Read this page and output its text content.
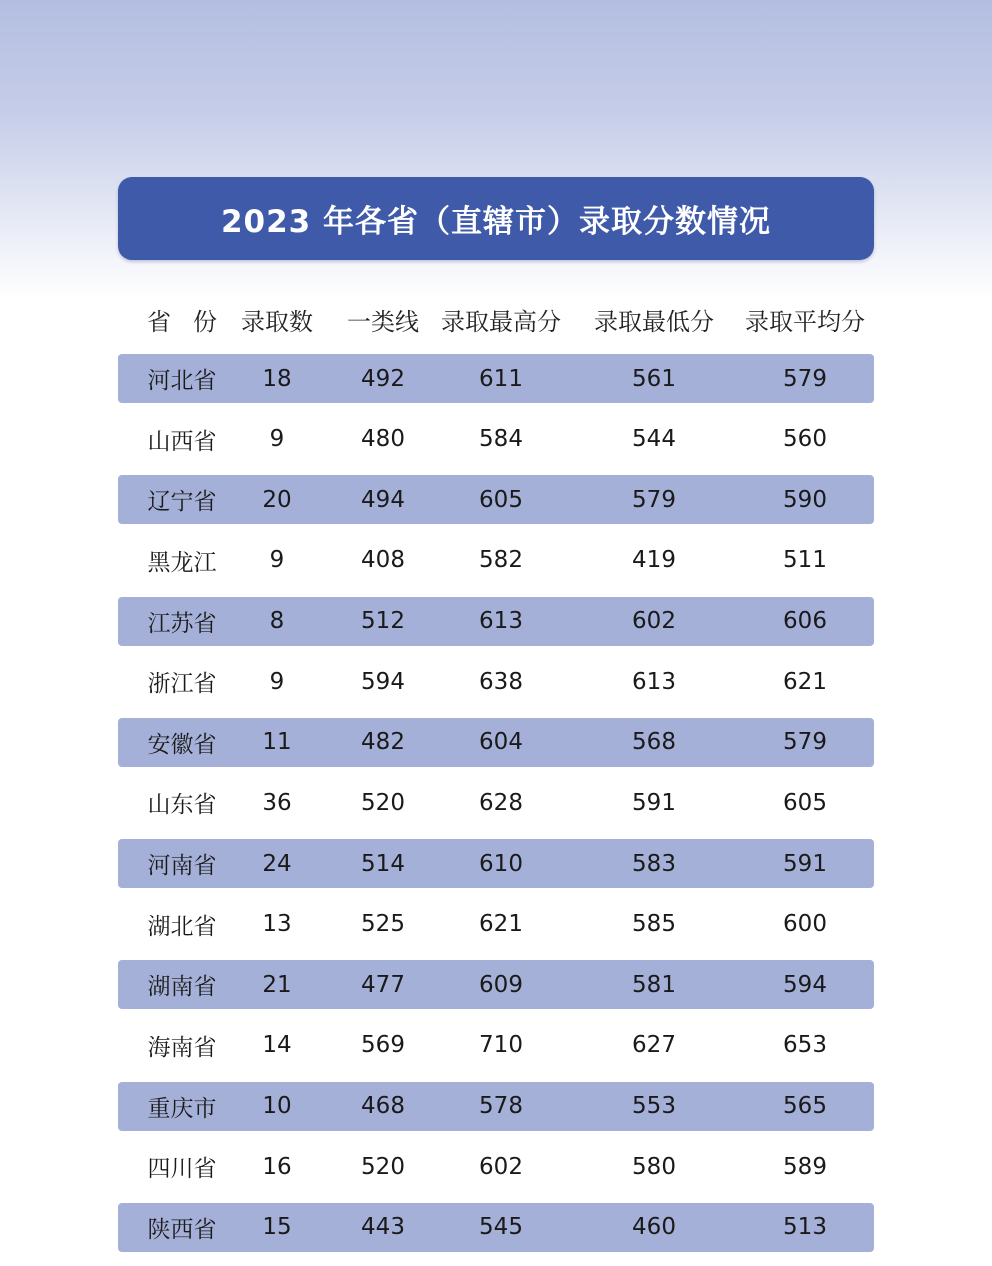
2023 年各省（直辖市）录取分数情况
省 份 录取数 一类线 录取最高分 录取最低分 录取平均分
河北省 18	492	611	561	579
山西省 9	480	584	544	560
辽宁省 20	494	605	579	590
黑龙江 9	408	582	419	511
江苏省 8	512	613	602	606
浙江省 9	594	638	613	621
安徽省 11	482	604	568	579
山东省 36	520	628	591	605
河南省 24	514	610	583	591
湖北省 13	525	621	585	600
湖南省 21	477	609	581	594
海南省 14	569	710	627	653
重庆市 10	468	578	553	565
四川省 16	520	602	580	589
陕西省 15	443	545	460	513
